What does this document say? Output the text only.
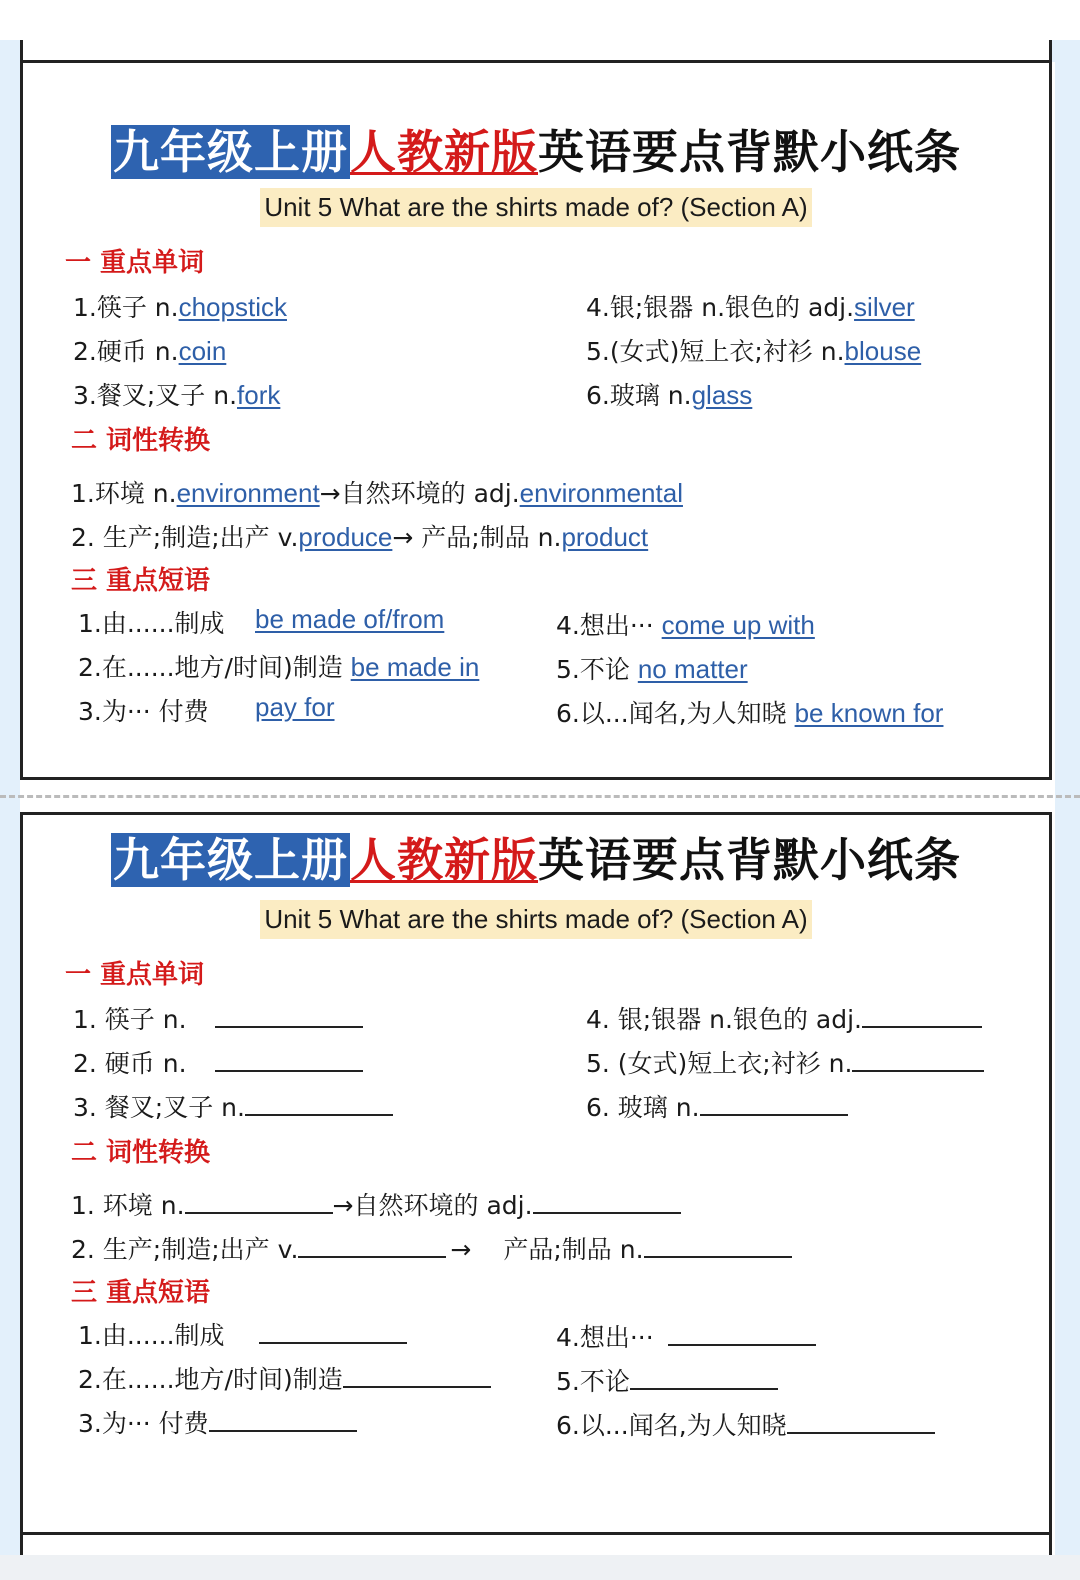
九年级上册人教新版英语要点背默小纸条
Unit 5 What are the shirts made of? (Section A)
一 重点单词
1.筷子 n.chopstick
2.硬币 n.coin
3.餐叉;叉子 n.fork
4.银;银器 n.银色的 adj.silver
5.(女式)短上衣;衬衫 n.blouse
6.玻璃 n.glass
二 词性转换
1.环境 n.environment→自然环境的 adj.environmental
2. 生产;制造;出产 v.produce→ 产品;制品 n.product
三 重点短语
1.由......制成 be made of/from
2.在......地方/时间)制造 be made in
3.为··· 付费 pay for
4.想出··· come up with
5.不论 no matter
6.以...闻名,为人知晓 be known for
九年级上册人教新版英语要点背默小纸条
Unit 5 What are the shirts made of? (Section A)
一 重点单词
1. 筷子 n.
2. 硬币 n.
3. 餐叉;叉子 n.
4. 银;银器 n.银色的 adj.
5. (女式)短上衣;衬衫 n.
6. 玻璃 n.
二 词性转换
1. 环境 n.	→自然环境的 adj.
2. 生产;制造;出产 v.	→ 产品;制品 n.
三 重点短语
1.由......制成
2.在......地方/时间)制造
3.为··· 付费
4.想出···
5.不论
6.以...闻名,为人知晓
